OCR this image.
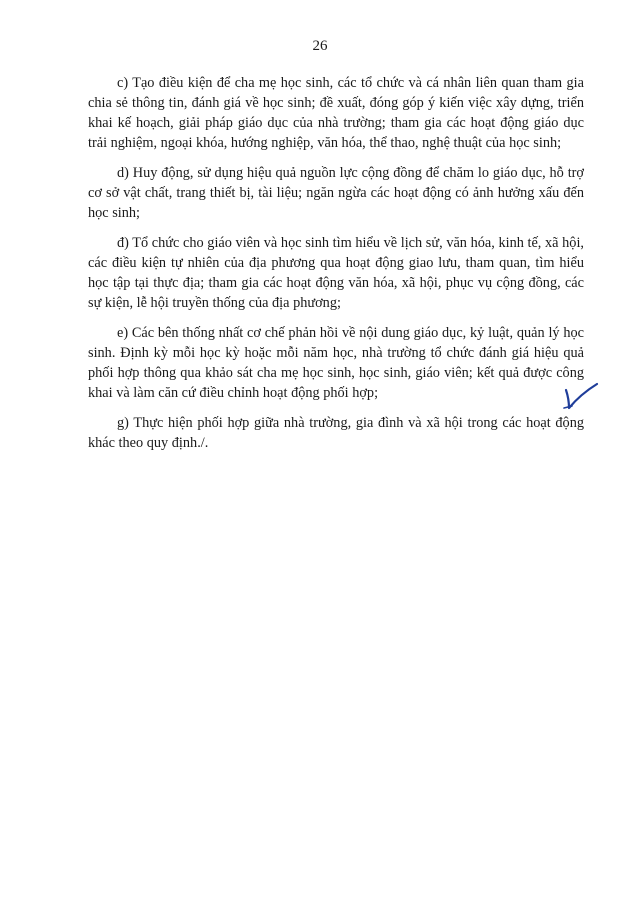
26

c) Tạo điều kiện để cha mẹ học sinh, các tổ chức và cá nhân liên quan tham gia chia sẻ thông tin, đánh giá về học sinh; đề xuất, đóng góp ý kiến việc xây dựng, triển khai kế hoạch, giải pháp giáo dục của nhà trường; tham gia các hoạt động giáo dục trải nghiệm, ngoại khóa, hướng nghiệp, văn hóa, thể thao, nghệ thuật của học sinh;

d) Huy động, sử dụng hiệu quả nguồn lực cộng đồng để chăm lo giáo dục, hỗ trợ cơ sở vật chất, trang thiết bị, tài liệu; ngăn ngừa các hoạt động có ảnh hưởng xấu đến học sinh;

đ) Tổ chức cho giáo viên và học sinh tìm hiểu về lịch sử, văn hóa, kinh tế, xã hội, các điều kiện tự nhiên của địa phương qua hoạt động giao lưu, tham quan, tìm hiểu học tập tại thực địa; tham gia các hoạt động văn hóa, xã hội, phục vụ cộng đồng, các sự kiện, lễ hội truyền thống của địa phương;

e) Các bên thống nhất cơ chế phản hồi về nội dung giáo dục, kỷ luật, quản lý học sinh. Định kỳ mỗi học kỳ hoặc mỗi năm học, nhà trường tổ chức đánh giá hiệu quả phối hợp thông qua khảo sát cha mẹ học sinh, học sinh, giáo viên; kết quả được công khai và làm căn cứ điều chỉnh hoạt động phối hợp;

g) Thực hiện phối hợp giữa nhà trường, gia đình và xã hội trong các hoạt động khác theo quy định./.
